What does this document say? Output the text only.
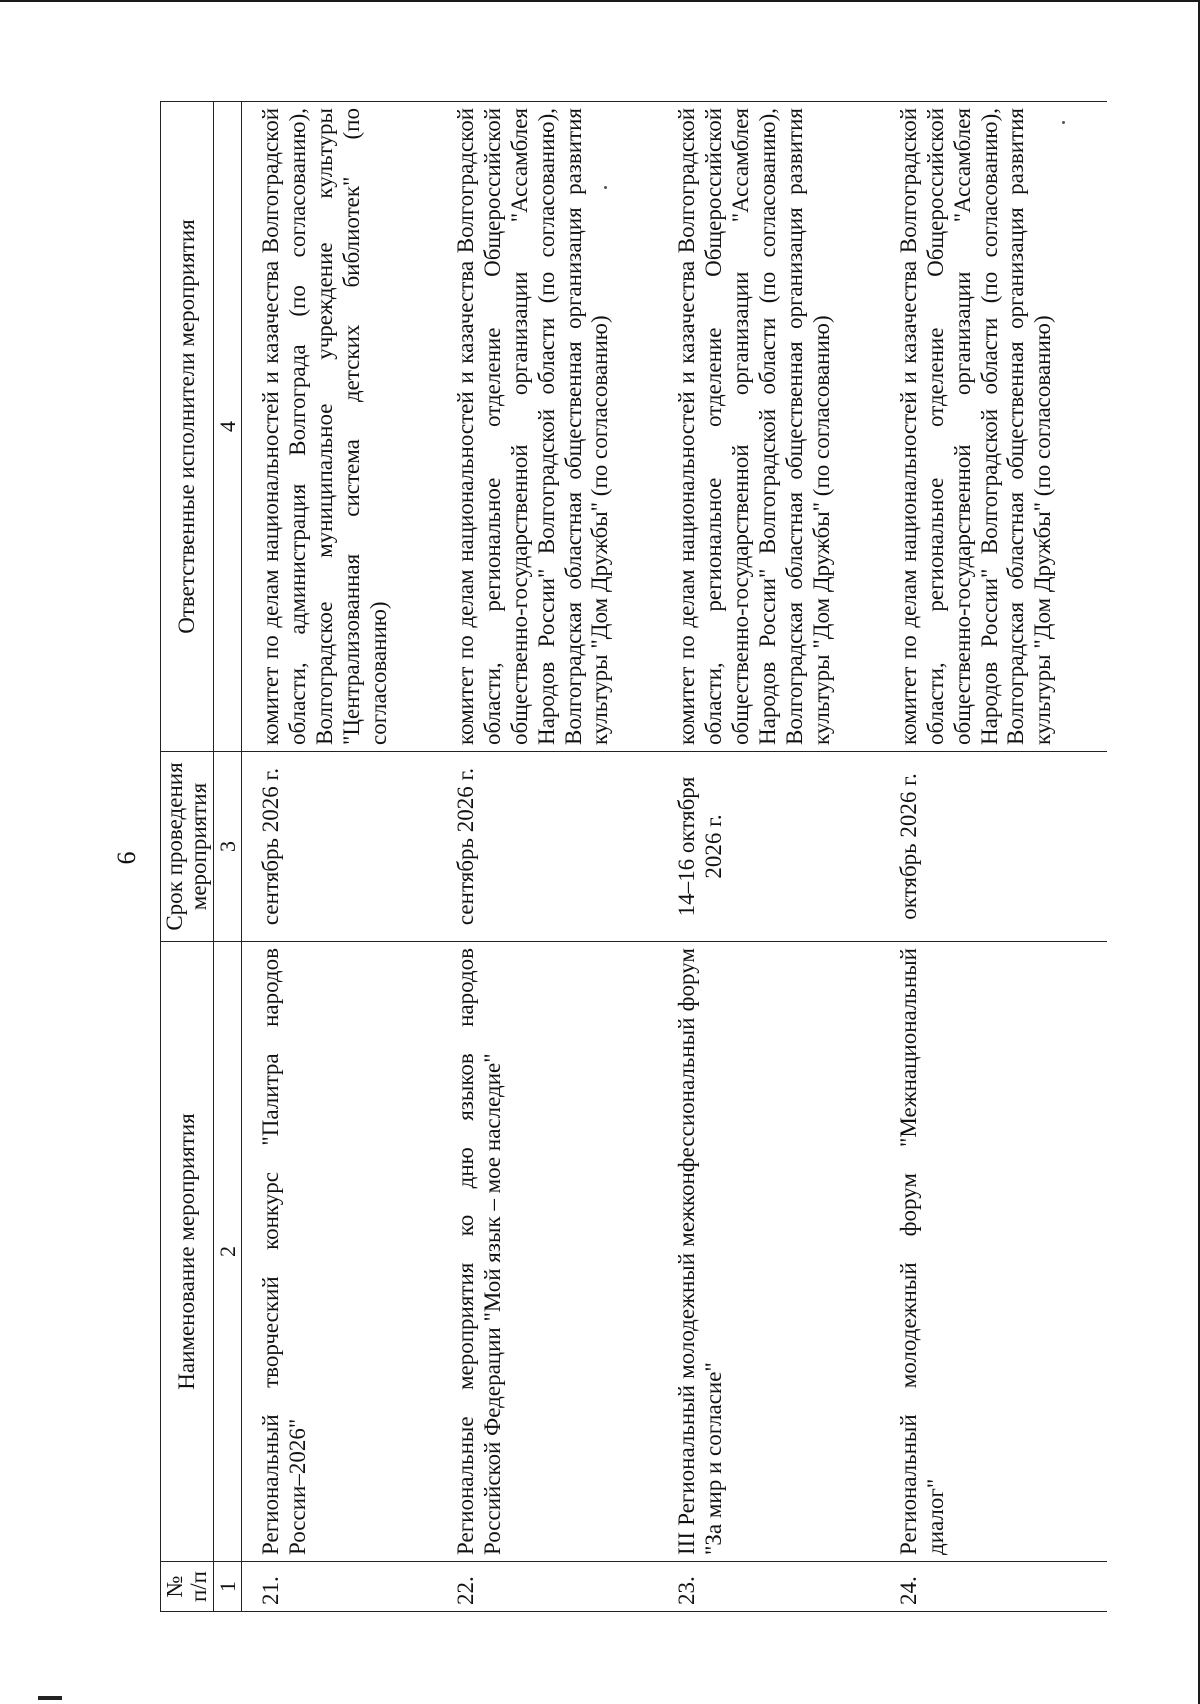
6
№ п/п	Наименование мероприятия	Срок проведения мероприятия	Ответственные исполнители мероприятия
1	2	3	4
21.	Региональный творческий конкурс "Палитра народов России–2026"	сентябрь 2026 г.	комитет по делам национальностей и казачества Волгоградской области, администрация Волгограда (по согласованию), Волгоградское муниципальное учреждение культуры "Централизованная система детских библиотек" (по согласованию)
22.	Региональные мероприятия ко дню языков народов Российской Федерации "Мой язык – мое наследие"	сентябрь 2026 г.	комитет по делам национальностей и казачества Волгоградской области, региональное отделение Общероссийской общественно-государственной организации "Ассамблея Народов России" Волгоградской области (по согласованию), Волгоградская областная общественная организация развития культуры "Дом Дружбы" (по согласованию)
23.	III Региональный молодежный межконфессиональный форум "За мир и согласие"	14–16 октября 2026 г.	комитет по делам национальностей и казачества Волгоградской области, региональное отделение Общероссийской общественно-государственной организации "Ассамблея Народов России" Волгоградской области (по согласованию), Волгоградская областная общественная организация развития культуры "Дом Дружбы" (по согласованию)
24.	Региональный молодежный форум "Межнациональный диалог"	октябрь 2026 г.	комитет по делам национальностей и казачества Волгоградской области, региональное отделение Общероссийской общественно-государственной организации "Ассамблея Народов России" Волгоградской области (по согласованию), Волгоградская областная общественная организация развития культуры "Дом Дружбы" (по согласованию)
